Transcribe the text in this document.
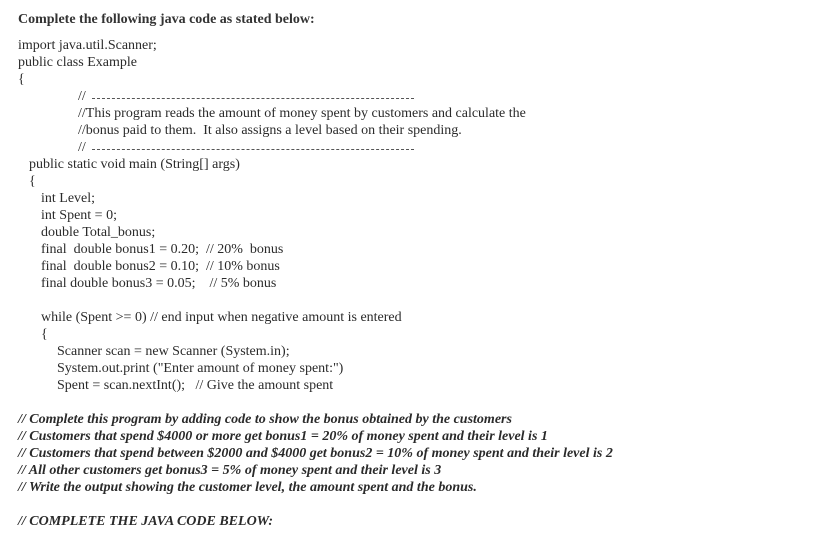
Complete the following java code as stated below:
import java.util.Scanner;
public class Example
{
//
//This program reads the amount of money spent by customers and calculate the
//bonus paid to them.  It also assigns a level based on their spending.
//
public static void main (String[] args)
{
int Level;
int Spent = 0;
double Total_bonus;
final  double bonus1 = 0.20;  // 20%  bonus
final  double bonus2 = 0.10;  // 10% bonus
final double bonus3 = 0.05;    // 5% bonus
while (Spent >= 0) // end input when negative amount is entered
{
Scanner scan = new Scanner (System.in);
System.out.print ("Enter amount of money spent:")
Spent = scan.nextInt();   // Give the amount spent
// Complete this program by adding code to show the bonus obtained by the customers
// Customers that spend $4000 or more get bonus1 = 20% of money spent and their level is 1
// Customers that spend between $2000 and $4000 get bonus2 = 10% of money spent and their level is 2
// All other customers get bonus3 = 5% of money spent and their level is 3
// Write the output showing the customer level, the amount spent and the bonus.
// COMPLETE THE JAVA CODE BELOW:
